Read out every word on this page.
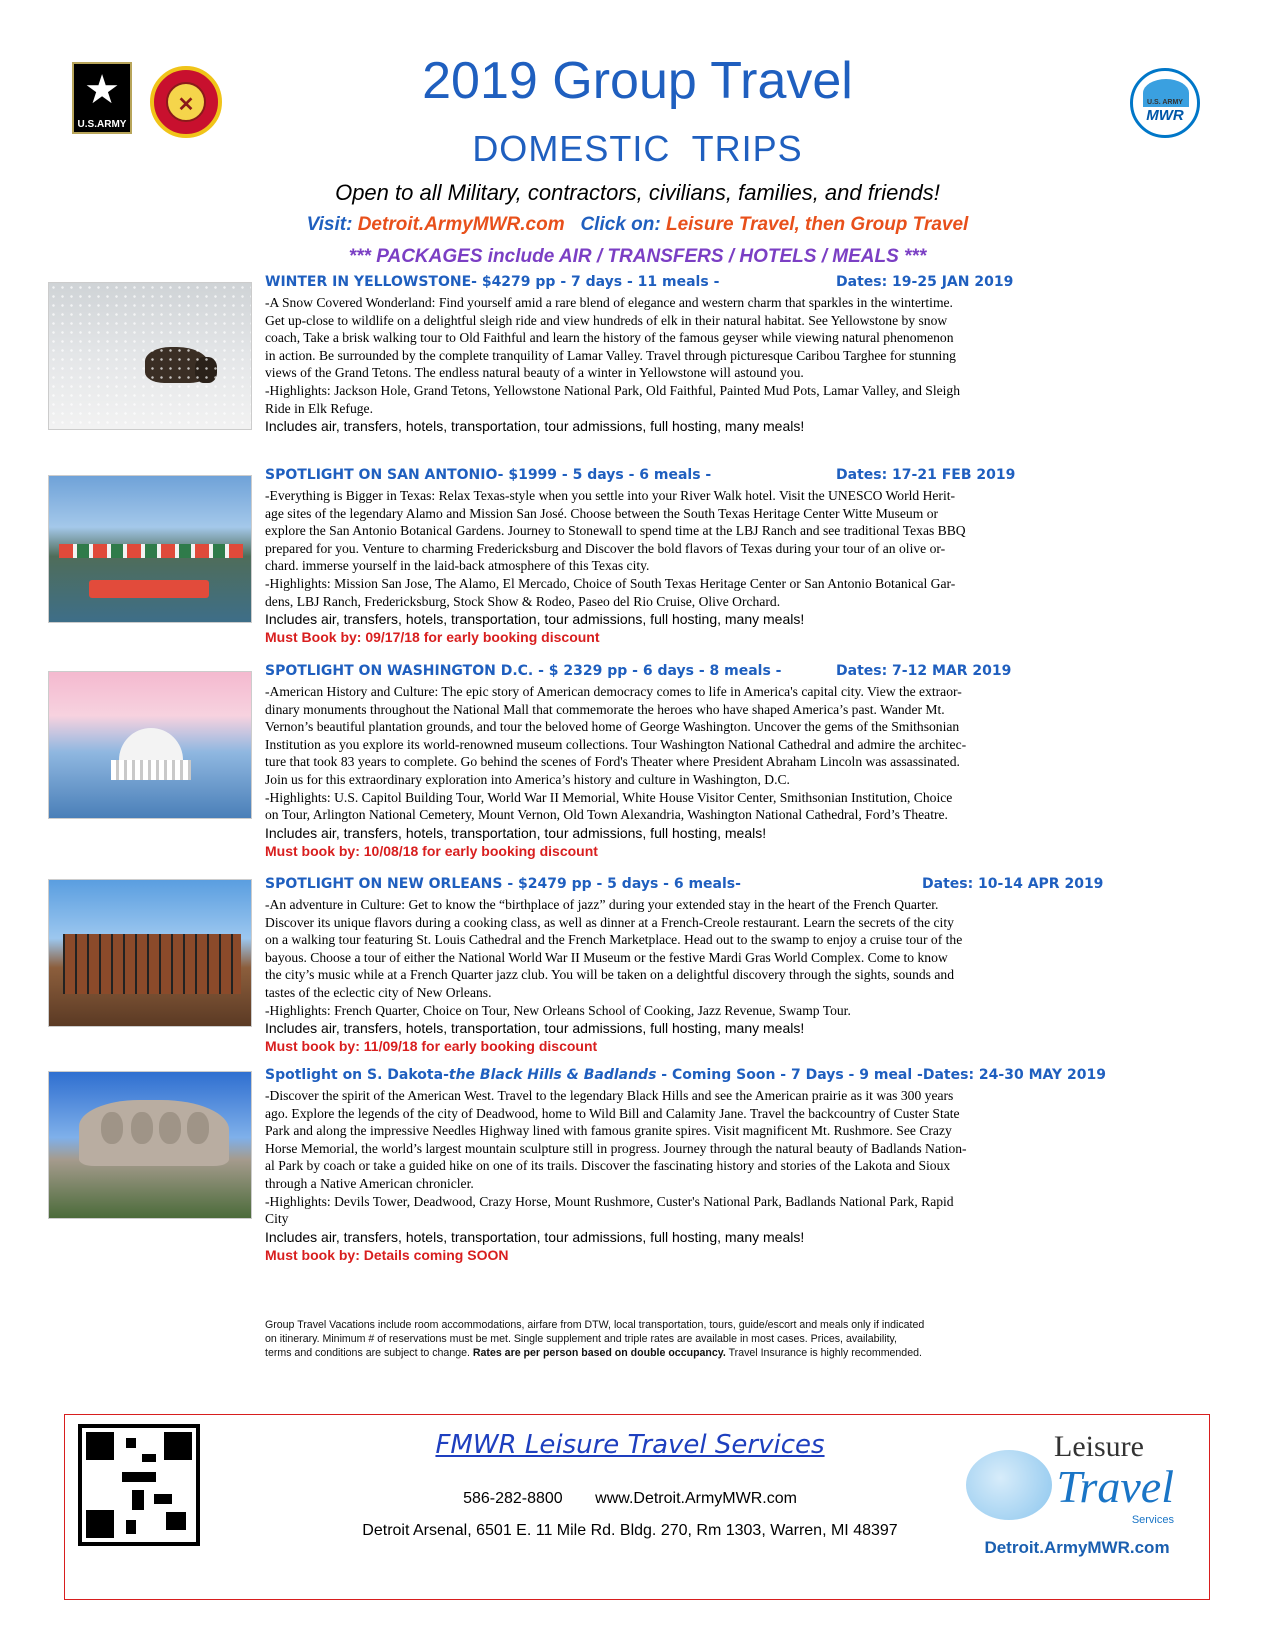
★
U.S.ARMY
✕	U.S. ARMY
MWR
2019 Group Travel
DOMESTIC  TRIPS
Open to all Military, contractors, civilians, families, and friends!
Visit: Detroit.ArmyMWR.com Click on: Leisure Travel, then Group Travel
*** PACKAGES include AIR / TRANSFERS / HOTELS / MEALS ***
WINTER IN YELLOWSTONE- $4279 pp - 7 days - 11 meals -	Dates: 19-25 JAN 2019
-A Snow Covered Wonderland: Find yourself amid a rare blend of elegance and western charm that sparkles in the wintertime.
Get up-close to wildlife on a delightful sleigh ride and view hundreds of elk in their natural habitat. See Yellowstone by snow
coach, Take a brisk walking tour to Old Faithful and learn the history of the famous geyser while viewing natural phenomenon
in action. Be surrounded by the complete tranquility of Lamar Valley. Travel through picturesque Caribou Targhee for stunning
views of the Grand Tetons. The endless natural beauty of a winter in Yellowstone will astound you.
-Highlights: Jackson Hole, Grand Tetons, Yellowstone National Park, Old Faithful, Painted Mud Pots, Lamar Valley, and Sleigh
Ride in Elk Refuge.
Includes air, transfers, hotels, transportation, tour admissions, full hosting, many meals!
SPOTLIGHT ON SAN ANTONIO- $1999 - 5 days - 6 meals -	Dates: 17-21 FEB 2019
-Everything is Bigger in Texas: Relax Texas-style when you settle into your River Walk hotel. Visit the UNESCO World Herit-
age sites of the legendary Alamo and Mission San José. Choose between the South Texas Heritage Center Witte Museum or
explore the San Antonio Botanical Gardens. Journey to Stonewall to spend time at the LBJ Ranch and see traditional Texas BBQ
prepared for you. Venture to charming Fredericksburg and Discover the bold flavors of Texas during your tour of an olive or-
chard. immerse yourself in the laid-back atmosphere of this Texas city.
-Highlights: Mission San Jose, The Alamo, El Mercado, Choice of South Texas Heritage Center or San Antonio Botanical Gar-
dens, LBJ Ranch, Fredericksburg, Stock Show & Rodeo, Paseo del Rio Cruise, Olive Orchard.
Includes air, transfers, hotels, transportation, tour admissions, full hosting, many meals!
Must Book by: 09/17/18 for early booking discount
SPOTLIGHT ON WASHINGTON D.C. - $ 2329 pp - 6 days - 8 meals -	Dates: 7-12 MAR 2019
-American History and Culture: The epic story of American democracy comes to life in America's capital city. View the extraor-
dinary monuments throughout the National Mall that commemorate the heroes who have shaped America’s past. Wander Mt.
Vernon’s beautiful plantation grounds, and tour the beloved home of George Washington. Uncover the gems of the Smithsonian
Institution as you explore its world-renowned museum collections. Tour Washington National Cathedral and admire the architec-
ture that took 83 years to complete. Go behind the scenes of Ford's Theater where President Abraham Lincoln was assassinated.
Join us for this extraordinary exploration into America’s history and culture in Washington, D.C.
-Highlights: U.S. Capitol Building Tour, World War II Memorial, White House Visitor Center, Smithsonian Institution, Choice
on Tour, Arlington National Cemetery, Mount Vernon, Old Town Alexandria, Washington National Cathedral, Ford’s Theatre.
Includes air, transfers, hotels, transportation, tour admissions, full hosting, meals!
Must book by: 10/08/18 for early booking discount
SPOTLIGHT ON NEW ORLEANS - $2479 pp - 5 days - 6 meals-	Dates: 10-14 APR 2019
-An adventure in Culture: Get to know the “birthplace of jazz” during your extended stay in the heart of the French Quarter.
Discover its unique flavors during a cooking class, as well as dinner at a French-Creole restaurant. Learn the secrets of the city
on a walking tour featuring St. Louis Cathedral and the French Marketplace. Head out to the swamp to enjoy a cruise tour of the
bayous. Choose a tour of either the National World War II Museum or the festive Mardi Gras World Complex. Come to know
the city’s music while at a French Quarter jazz club. You will be taken on a delightful discovery through the sights, sounds and
tastes of the eclectic city of New Orleans.
-Highlights: French Quarter, Choice on Tour, New Orleans School of Cooking, Jazz Revenue, Swamp Tour.
Includes air, transfers, hotels, transportation, tour admissions, full hosting, many meals!
Must book by: 11/09/18 for early booking discount
Spotlight on S. Dakota-the Black Hills & Badlands - Coming Soon - 7 Days - 9 meal -Dates: 24-30 MAY 2019
-Discover the spirit of the American West. Travel to the legendary Black Hills and see the American prairie as it was 300 years
ago. Explore the legends of the city of Deadwood, home to Wild Bill and Calamity Jane. Travel the backcountry of Custer State
Park and along the impressive Needles Highway lined with famous granite spires. Visit magnificent Mt. Rushmore. See Crazy
Horse Memorial, the world’s largest mountain sculpture still in progress. Journey through the natural beauty of Badlands Nation-
al Park by coach or take a guided hike on one of its trails. Discover the fascinating history and stories of the Lakota and Sioux
through a Native American chronicler.
-Highlights: Devils Tower, Deadwood, Crazy Horse, Mount Rushmore, Custer's National Park, Badlands National Park, Rapid
City
Includes air, transfers, hotels, transportation, tour admissions, full hosting, many meals!
Must book by: Details coming SOON
Group Travel Vacations include room accommodations, airfare from DTW, local transportation, tours, guide/escort and meals only if indicated
on itinerary. Minimum # of reservations must be met. Single supplement and triple rates are available in most cases. Prices, availability,
terms and conditions are subject to change. Rates are per person based on double occupancy. Travel Insurance is highly recommended.
FMWR Leisure Travel Services
586-282-8800 www.Detroit.ArmyMWR.com
Detroit Arsenal, 6501 E. 11 Mile Rd. Bldg. 270, Rm 1303, Warren, MI 48397
Leisure
Travel
Services
Detroit.ArmyMWR.com
